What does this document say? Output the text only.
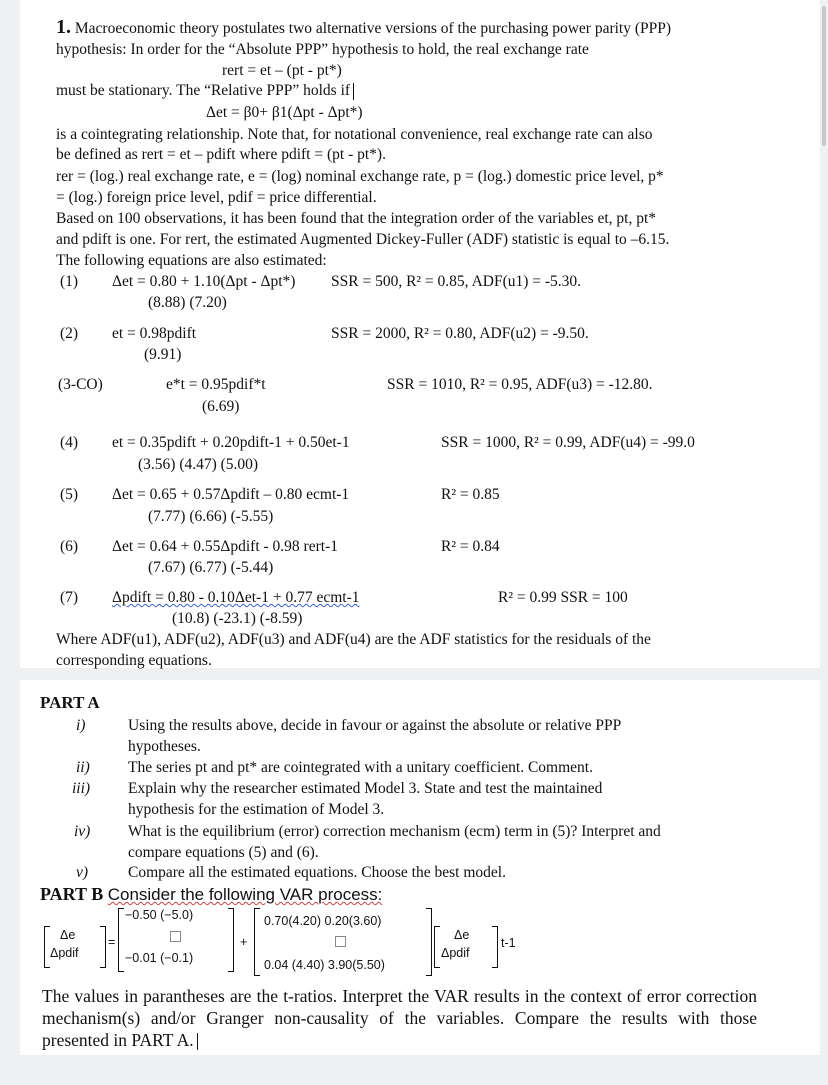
1. Macroeconomic theory postulates two alternative versions of the purchasing power parity (PPP)
hypothesis: In order for the “Absolute PPP” hypothesis to hold, the real exchange rate
rert = et – (pt - pt*)
must be stationary. The “Relative PPP” holds if
Δet = β0+ β1(Δpt - Δpt*)
is a cointegrating relationship. Note that, for notational convenience, real exchange rate can also
be defined as rert = et – pdift where pdift = (pt - pt*).
rer = (log.) real exchange rate, e = (log) nominal exchange rate, p = (log.) domestic price level, p*
= (log.) foreign price level, pdif = price differential.
Based on 100 observations, it has been found that the integration order of the variables et, pt, pt*
and pdift is one. For rert, the estimated Augmented Dickey-Fuller (ADF) statistic is equal to –6.15.
The following equations are also estimated:
(1) Δet = 0.80 + 1.10(Δpt - Δpt*) SSR = 500, R² = 0.85, ADF(u1) = -5.30.
(8.88) (7.20)
(2) et = 0.98pdift	SSR = 2000, R² = 0.80, ADF(u2) = -9.50.
(9.91)
(3-CO)	e*t = 0.95pdif*t	SSR = 1010, R² = 0.95, ADF(u3) = -12.80.
(6.69)
(4) et = 0.35pdift + 0.20pdift-1 + 0.50et-1	SSR = 1000, R² = 0.99, ADF(u4) = -99.0
(3.56) (4.47) (5.00)
(5) Δet = 0.65 + 0.57Δpdift – 0.80 ecmt-1	R² = 0.85
(7.77) (6.66) (-5.55)
(6) Δet = 0.64 + 0.55Δpdift - 0.98 rert-1	R² = 0.84
(7.67) (6.77) (-5.44)
(7) Δpdift = 0.80 - 0.10Δet-1 + 0.77 ecmt-1	R² = 0.99 SSR = 100
(10.8) (-23.1) (-8.59)
Where ADF(u1), ADF(u2), ADF(u3) and ADF(u4) are the ADF statistics for the residuals of the
corresponding equations.
PART A
i)	Using the results above, decide in favour or against the absolute or relative PPP
hypotheses.
ii) The series pt and pt* are cointegrated with a unitary coefficient. Comment.
iii) Explain why the researcher estimated Model 3. State and test the maintained
hypothesis for the estimation of Model 3.
iv) What is the equilibrium (error) correction mechanism (ecm) term in (5)? Interpret and
compare equations (5) and (6).
v)	Compare all the estimated equations. Choose the best model.
PART B Consider the following VAR process:
Δe
Δpdif
=
−0.50 (−5.0)
−0.01 (−0.1)
+
0.70(4.20) 0.20(3.60)
0.04 (4.40) 3.90(5.50)
Δe
Δpdif
t-1
The values in parantheses are the t-ratios. Interpret the VAR results in the context of error correction mechanism(s) and/or Granger non-causality of the variables. Compare the results with those presented in PART A.
